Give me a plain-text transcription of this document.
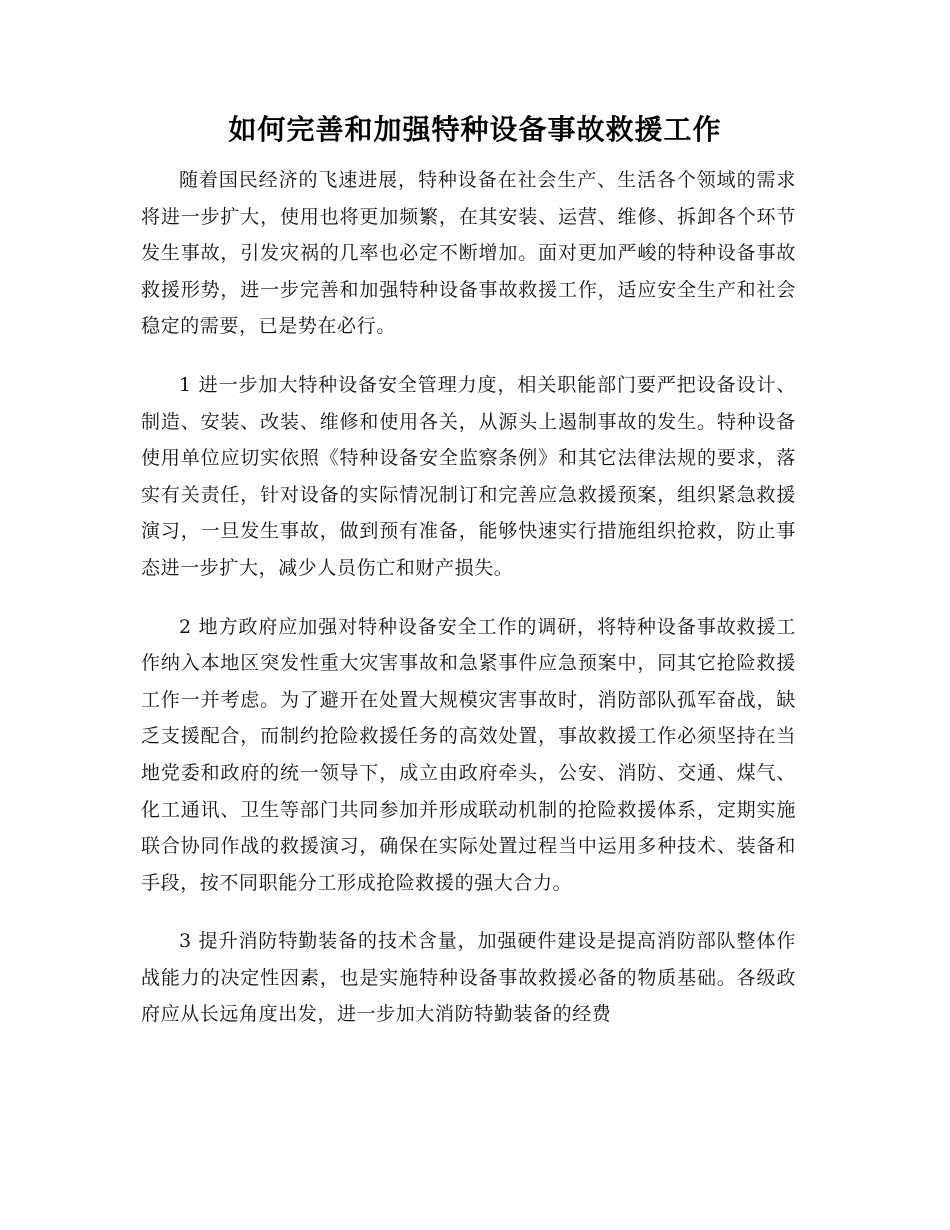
如何完善和加强特种设备事故救援工作

随着国民经济的飞速进展，特种设备在社会生产、生活各个领域的需求将进一步扩大，使用也将更加频繁，在其安装、运营、维修、拆卸各个环节发生事故，引发灾祸的几率也必定不断增加。面对更加严峻的特种设备事故救援形势，进一步完善和加强特种设备事故救援工作，适应安全生产和社会稳定的需要，已是势在必行。

1 进一步加大特种设备安全管理力度，相关职能部门要严把设备设计、制造、安装、改装、维修和使用各关，从源头上遏制事故的发生。特种设备使用单位应切实依照《特种设备安全监察条例》和其它法律法规的要求，落实有关责任，针对设备的实际情况制订和完善应急救援预案，组织紧急救援演习，一旦发生事故，做到预有准备，能够快速实行措施组织抢救，防止事态进一步扩大，减少人员伤亡和财产损失。

2 地方政府应加强对特种设备安全工作的调研，将特种设备事故救援工作纳入本地区突发性重大灾害事故和急紧事件应急预案中，同其它抢险救援工作一并考虑。为了避开在处置大规模灾害事故时，消防部队孤军奋战，缺乏支援配合，而制约抢险救援任务的高效处置，事故救援工作必须坚持在当地党委和政府的统一领导下，成立由政府牵头，公安、消防、交通、煤气、化工通讯、卫生等部门共同参加并形成联动机制的抢险救援体系，定期实施联合协同作战的救援演习，确保在实际处置过程当中运用多种技术、装备和手段，按不同职能分工形成抢险救援的强大合力。

3 提升消防特勤装备的技术含量，加强硬件建设是提高消防部队整体作战能力的决定性因素，也是实施特种设备事故救援必备的物质基础。各级政府应从长远角度出发，进一步加大消防特勤装备的经费
